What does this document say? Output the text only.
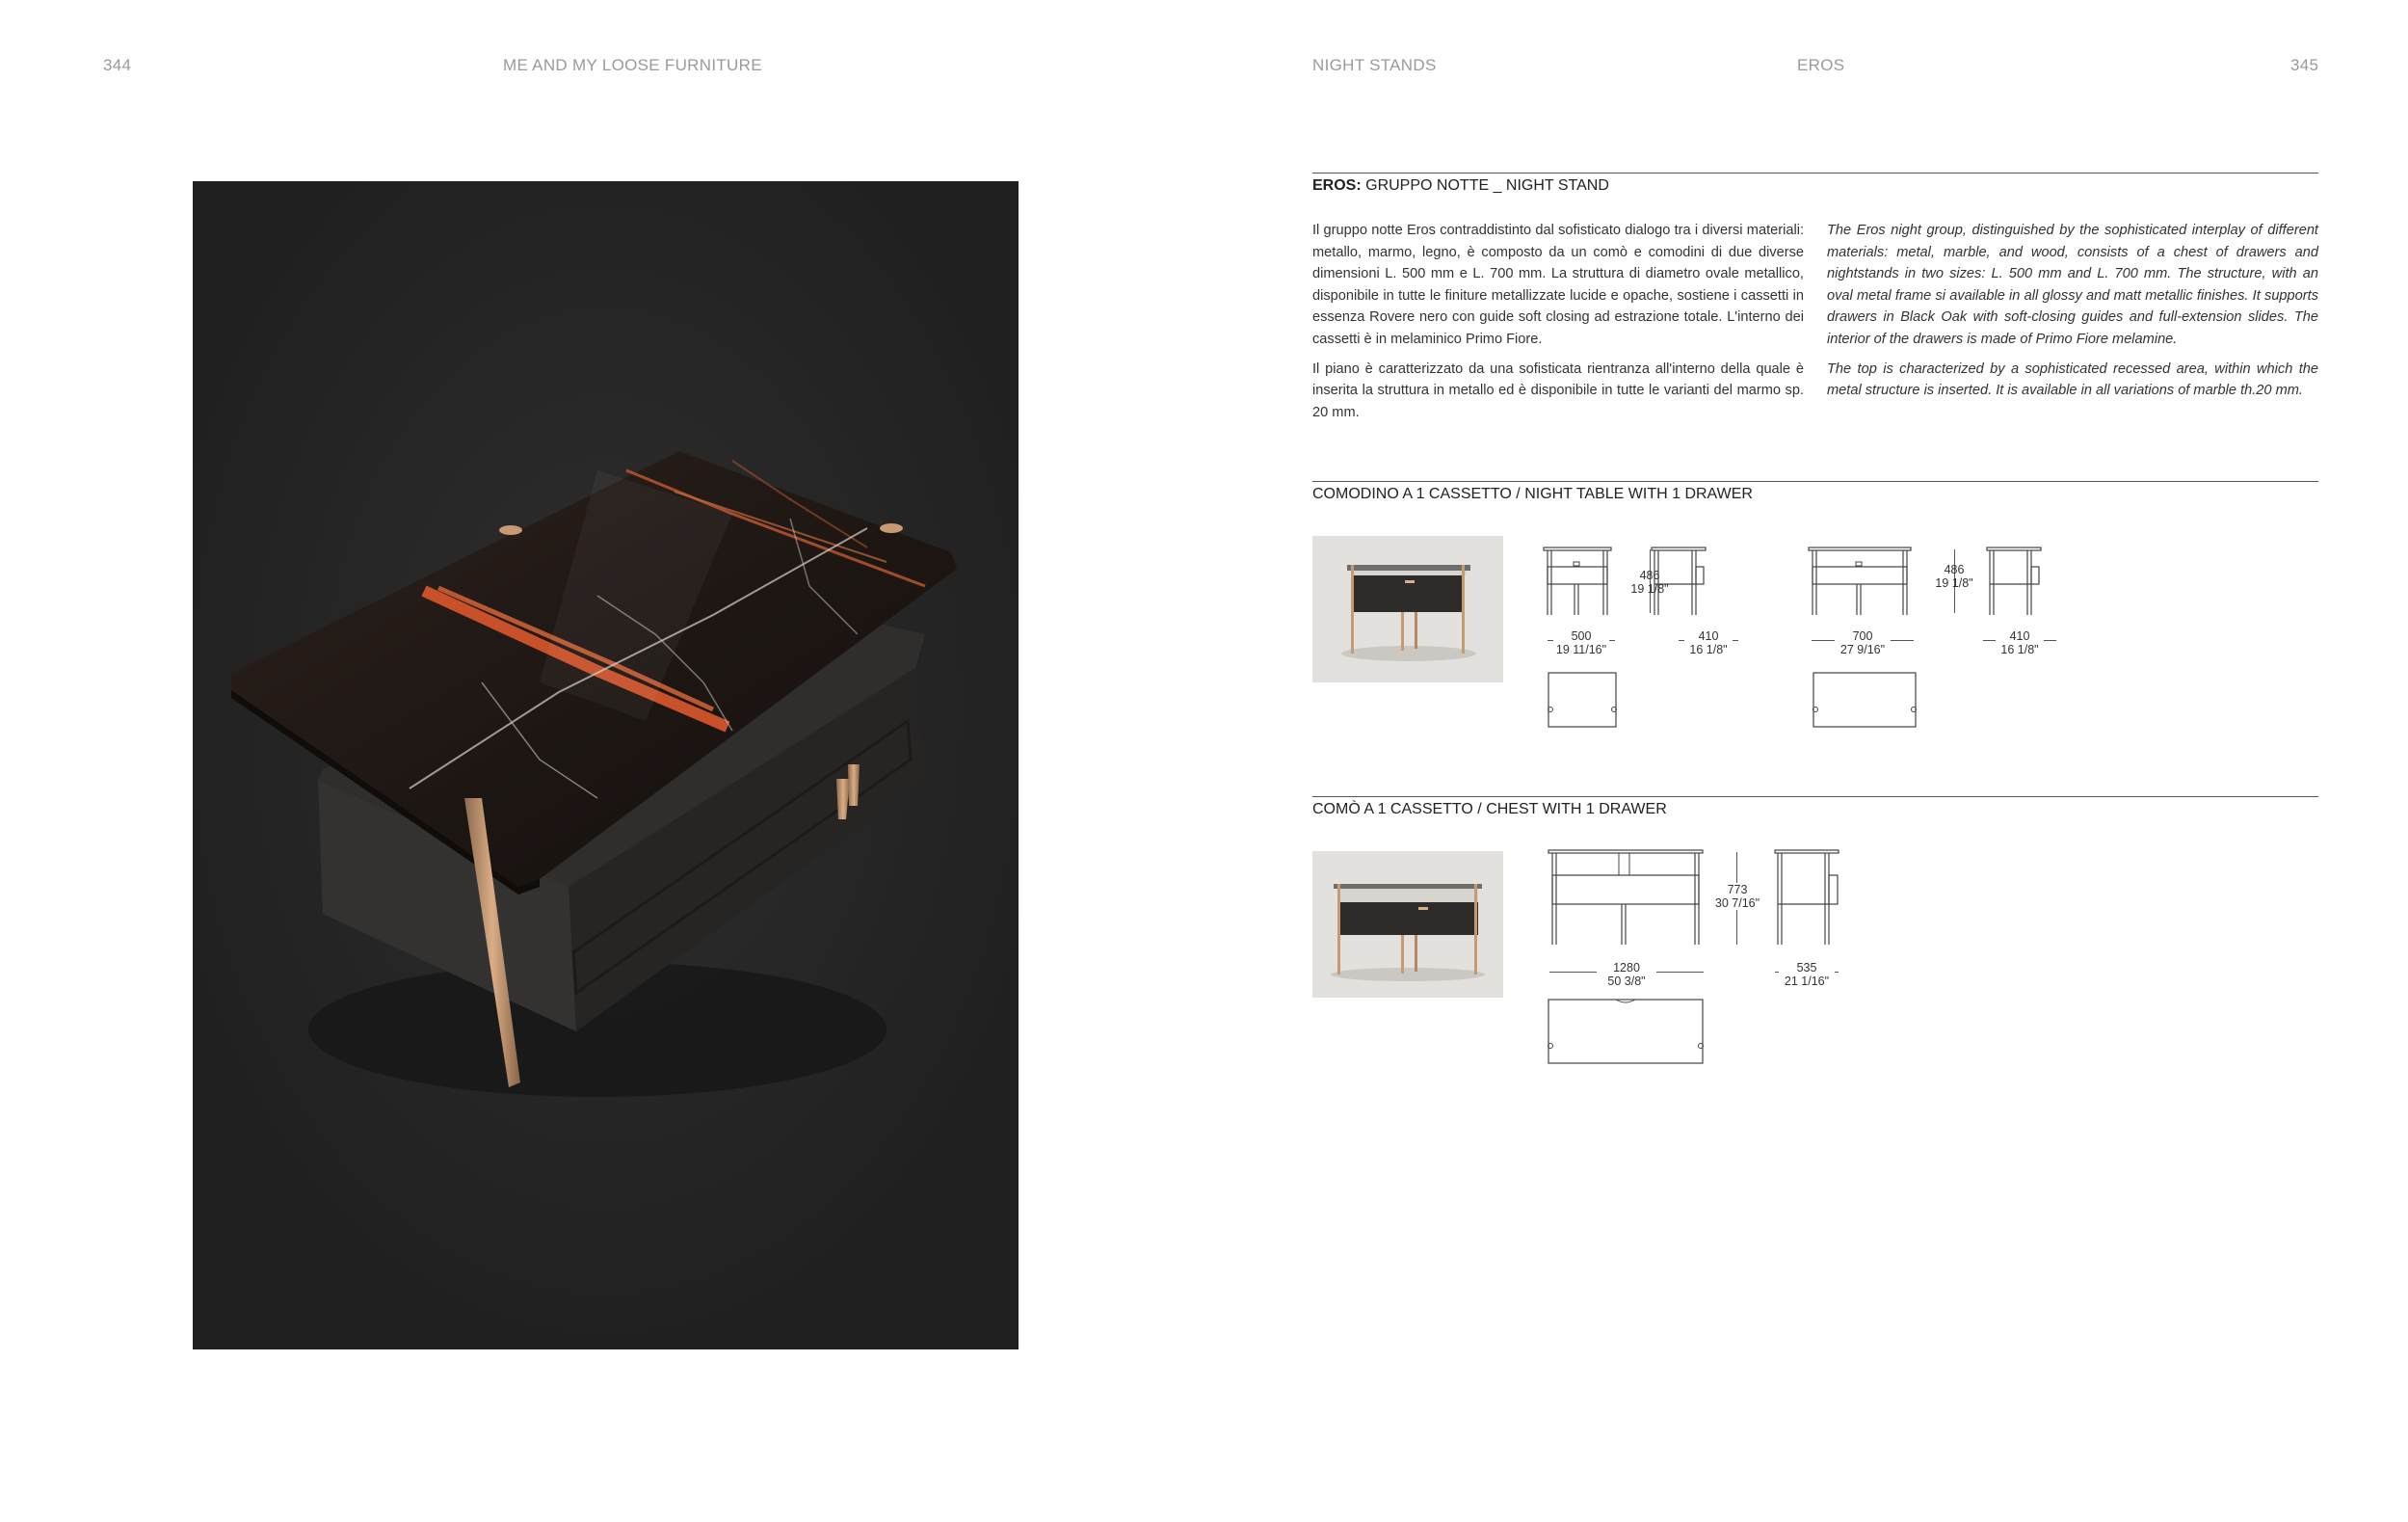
344	ME AND MY LOOSE FURNITURE	NIGHT STANDS	EROS	345
EROS: GRUPPO NOTTE _ NIGHT STAND

Il gruppo notte Eros contraddistinto dal sofisticato dialogo tra i diversi materiali: metallo, marmo, legno, è composto da un comò e comodini di due diverse dimensioni L. 500 mm e L. 700 mm. La struttura di diametro ovale metallico, disponibile in tutte le finiture metallizzate lucide e opache, sostiene i cassetti in essenza Rovere nero con guide soft closing ad estrazione totale. L'interno dei cassetti è in melaminico Primo Fiore.

Il piano è caratterizzato da una sofisticata rientranza all'interno della quale è inserita la struttura in metallo ed è disponibile in tutte le varianti del marmo sp. 20 mm.

The Eros night group, distinguished by the sophisticated interplay of different materials: metal, marble, and wood, consists of a chest of drawers and nightstands in two sizes: L. 500 mm and L. 700 mm. The structure, with an oval metal frame si available in all glossy and matt metallic finishes. It supports drawers in Black Oak with soft-closing guides and full-extension slides. The interior of the drawers is made of Primo Fiore melamine.

The top is characterized by a sophisticated recessed area, within which the metal structure is inserted. It is available in all variations of marble th.20 mm.

COMODINO A 1 CASSETTO / NIGHT TABLE WITH 1 DRAWER
486
19 1/8"
500
19 11/16"
410
16 1/8"
486
19 1/8"
700
27 9/16"
410
16 1/8"
COMÒ A 1 CASSETTO / CHEST WITH 1 DRAWER
773
30 7/16"
1280
50 3/8"
535
21 1/16"
